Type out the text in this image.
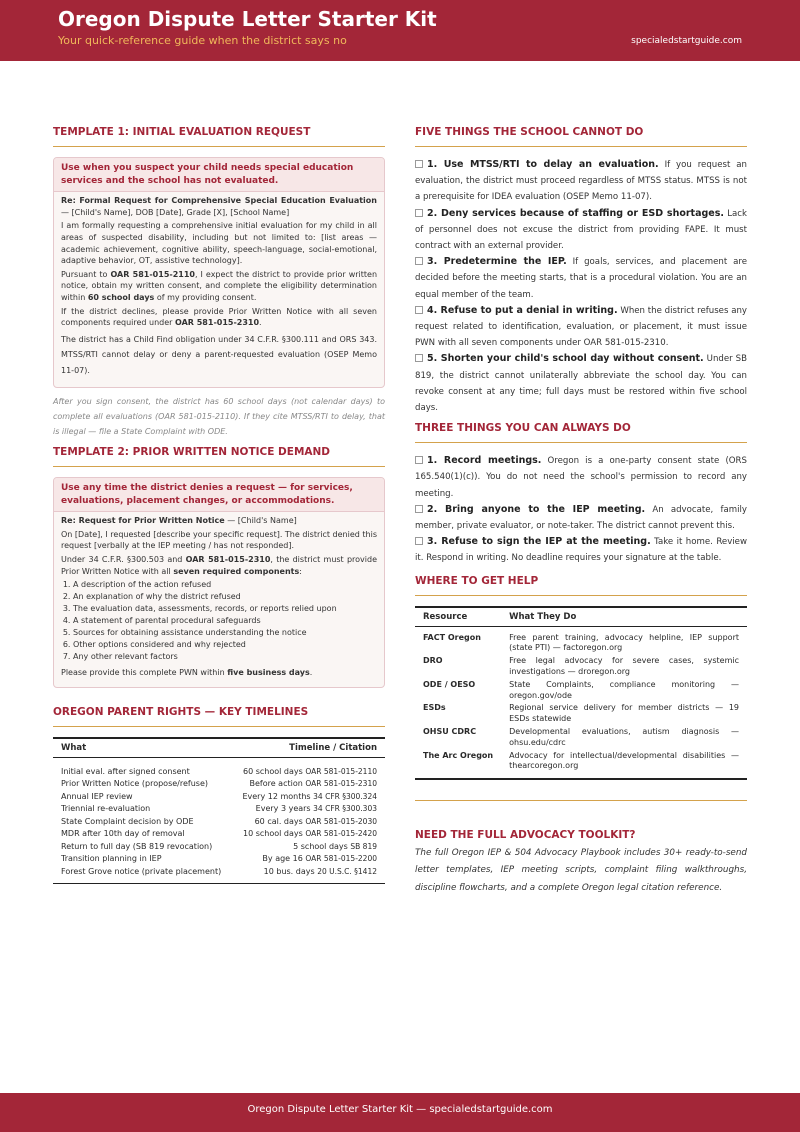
Oregon Dispute Letter Starter Kit
Your quick-reference guide when the district says no	specialedstartguide.com
TEMPLATE 1: INITIAL EVALUATION REQUEST
Use when you suspect your child needs special education services and the school has not evaluated.

Re: Formal Request for Comprehensive Special Education Evaluation — [Child's Name], DOB [Date], Grade [X], [School Name]

I am formally requesting a comprehensive initial evaluation for my child in all areas of suspected disability, including but not limited to: [list areas — academic achievement, cognitive ability, speech-language, social-emotional, adaptive behavior, OT, assistive technology].

Pursuant to OAR 581-015-2110, I expect the district to provide prior written notice, obtain my written consent, and complete the eligibility determination within 60 school days of my providing consent.

If the district declines, please provide Prior Written Notice with all seven components required under OAR 581-015-2310.

The district has a Child Find obligation under 34 C.F.R. §300.111 and ORS 343. MTSS/RTI cannot delay or deny a parent-requested evaluation (OSEP Memo 11-07).

After you sign consent, the district has 60 school days (not calendar days) to complete all evaluations (OAR 581-015-2110). If they cite MTSS/RTI to delay, that is illegal — file a State Complaint with ODE.
TEMPLATE 2: PRIOR WRITTEN NOTICE DEMAND
Use any time the district denies a request — for services, evaluations, placement changes, or accommodations.

Re: Request for Prior Written Notice — [Child's Name]

On [Date], I requested [describe your specific request]. The district denied this request [verbally at the IEP meeting / has not responded].

Under 34 C.F.R. §300.503 and OAR 581-015-2310, the district must provide Prior Written Notice with all seven required components:

1. A description of the action refused
2. An explanation of why the district refused
3. The evaluation data, assessments, records, or reports relied upon
4. A statement of parental procedural safeguards
5. Sources for obtaining assistance understanding the notice
6. Other options considered and why rejected
7. Any other relevant factors

Please provide this complete PWN within five business days.

OREGON PARENT RIGHTS — KEY TIMELINES
What	Timeline / Citation
Initial eval. after signed consent	60 school days OAR 581-015-2110
Prior Written Notice (propose/refuse)	Before action OAR 581-015-2310
Annual IEP review	Every 12 months 34 CFR §300.324
Triennial re-evaluation	Every 3 years 34 CFR §300.303
State Complaint decision by ODE	60 cal. days OAR 581-015-2030
MDR after 10th day of removal	10 school days OAR 581-015-2420
Return to full day (SB 819 revocation)	5 school days SB 819
Transition planning in IEP	By age 16 OAR 581-015-2200
Forest Grove notice (private placement)	10 bus. days 20 U.S.C. §1412
FIVE THINGS THE SCHOOL CANNOT DO
1. Use MTSS/RTI to delay an evaluation. If you request an evaluation, the district must proceed regardless of MTSS status. MTSS is not a prerequisite for IDEA evaluation (OSEP Memo 11-07).
2. Deny services because of staffing or ESD shortages. Lack of personnel does not excuse the district from providing FAPE. It must contract with an external provider.
3. Predetermine the IEP. If goals, services, and placement are decided before the meeting starts, that is a procedural violation. You are an equal member of the team.
4. Refuse to put a denial in writing. When the district refuses any request related to identification, evaluation, or placement, it must issue PWN with all seven components under OAR 581-015-2310.
5. Shorten your child's school day without consent. Under SB 819, the district cannot unilaterally abbreviate the school day. You can revoke consent at any time; full days must be restored within five school days.
THREE THINGS YOU CAN ALWAYS DO
1. Record meetings. Oregon is a one-party consent state (ORS 165.540(1)(c)). You do not need the school's permission to record any meeting.
2. Bring anyone to the IEP meeting. An advocate, family member, private evaluator, or note-taker. The district cannot prevent this.
3. Refuse to sign the IEP at the meeting. Take it home. Review it. Respond in writing. No deadline requires your signature at the table.
WHERE TO GET HELP
Resource	What They Do
FACT Oregon	Free parent training, advocacy helpline, IEP support (state PTI) — factoregon.org
DRO	Free legal advocacy for severe cases, systemic investigations — droregon.org
ODE / OESO	State Complaints, compliance monitoring — oregon.gov/ode
ESDs	Regional service delivery for member districts — 19 ESDs statewide
OHSU CDRC	Developmental evaluations, autism diagnosis — ohsu.edu/cdrc
The Arc Oregon	Advocacy for intellectual/developmental disabilities — thearcoregon.org
NEED THE FULL ADVOCACY TOOLKIT?
The full Oregon IEP & 504 Advocacy Playbook includes 30+ ready-to-send letter templates, IEP meeting scripts, complaint filing walkthroughs, discipline flowcharts, and a complete Oregon legal citation reference.
Oregon Dispute Letter Starter Kit — specialedstartguide.com
